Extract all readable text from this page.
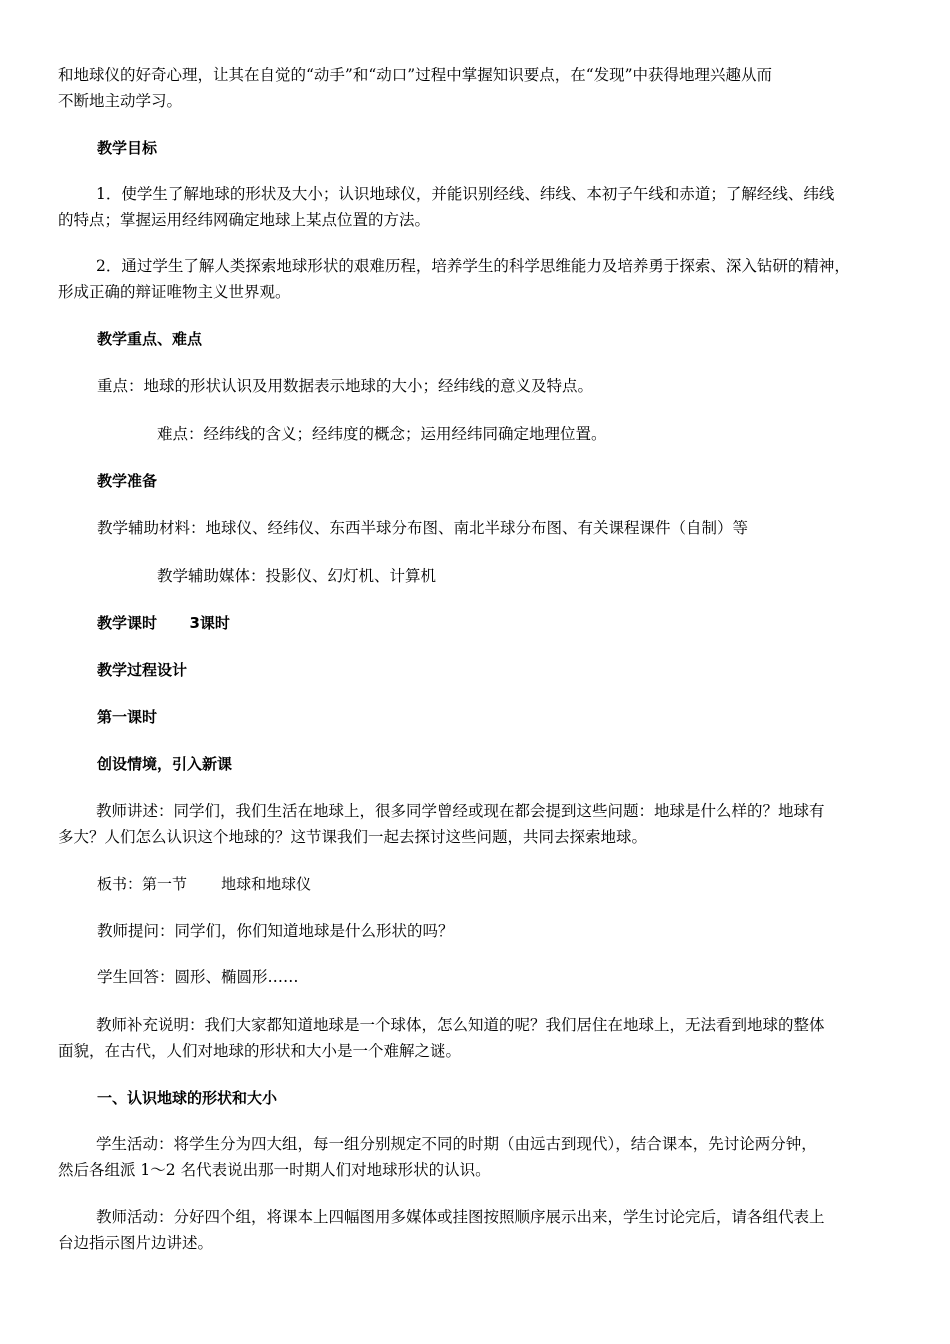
和地球仪的好奇心理，让其在自觉的“动手”和“动口”过程中掌握知识要点，在“发现”中获得地理兴趣从而
不断地主动学习。
教学目标
1．使学生了解地球的形状及大小；认识地球仪，并能识别经线、纬线、本初子午线和赤道；了解经线、纬线
的特点；掌握运用经纬网确定地球上某点位置的方法。
2．通过学生了解人类探索地球形状的艰难历程，培养学生的科学思维能力及培养勇于探索、深入钻研的精神，
形成正确的辩证唯物主义世界观。
教学重点、难点
重点：地球的形状认识及用数据表示地球的大小；经纬线的意义及特点。
难点：经纬线的含义；经纬度的概念；运用经纬同确定地理位置。
教学准备
教学辅助材料：地球仪、经纬仪、东西半球分布图、南北半球分布图、有关课程课件（自制）等
教学辅助媒体：投影仪、幻灯机、计算机
教学课时 3课时
教学过程设计
第一课时
创设情境，引入新课
教师讲述：同学们，我们生活在地球上，很多同学曾经或现在都会提到这些问题：地球是什么样的？地球有
多大？人们怎么认识这个地球的？这节课我们一起去探讨这些问题，共同去探索地球。
板书：第一节 地球和地球仪
教师提问：同学们，你们知道地球是什么形状的吗？
学生回答：圆形、椭圆形……
教师补充说明：我们大家都知道地球是一个球体，怎么知道的呢？我们居住在地球上，无法看到地球的整体
面貌，在古代，人们对地球的形状和大小是一个难解之谜。
一、认识地球的形状和大小
学生活动：将学生分为四大组，每一组分别规定不同的时期（由远古到现代），结合课本，先讨论两分钟，
然后各组派 1～2 名代表说出那一时期人们对地球形状的认识。
教师活动：分好四个组，将课本上四幅图用多媒体或挂图按照顺序展示出来，学生讨论完后，请各组代表上
台边指示图片边讲述。
